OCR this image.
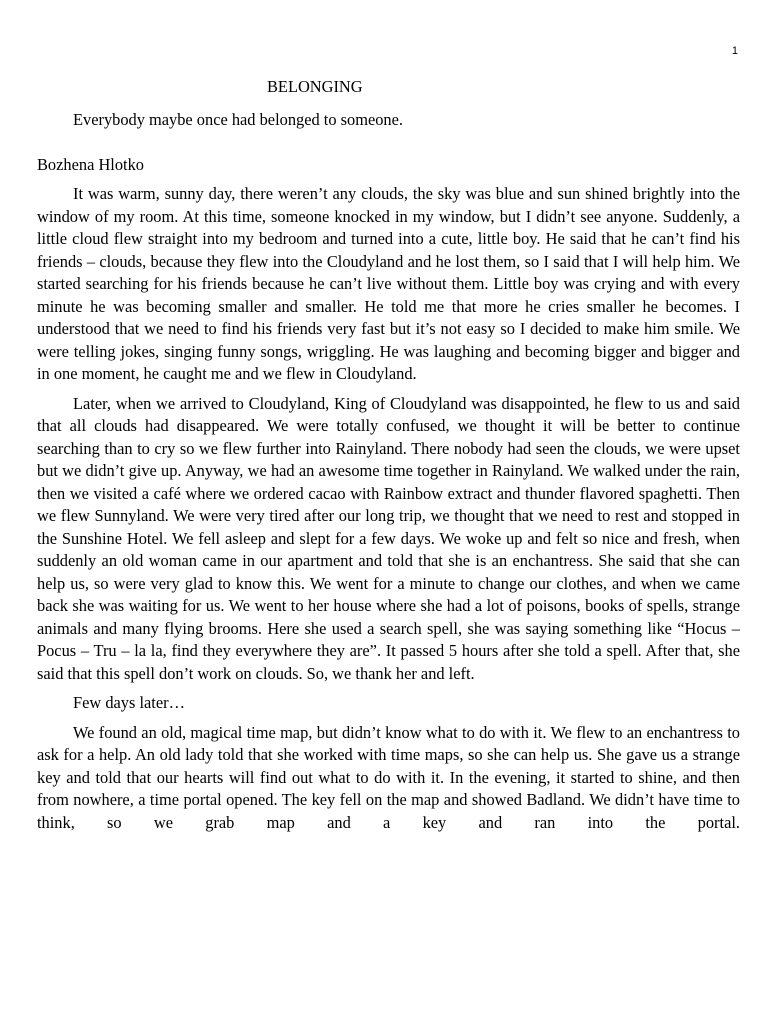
1
BELONGING

Everybody maybe once had belonged to someone.

Bozhena Hlotko

It was warm, sunny day, there weren’t any clouds, the sky was blue and sun shined brightly into the window of my room. At this time, someone knocked in my window, but I didn’t see anyone. Suddenly, a little cloud flew straight into my bedroom and turned into a cute, little boy. He said that he can’t find his friends – clouds, because they flew into the Cloudyland and he lost them, so I said that I will help him. We started searching for his friends because he can’t live without them. Little boy was crying and with every minute he was becoming smaller and smaller. He told me that more he cries smaller he becomes. I understood that we need to find his friends very fast but it’s not easy so I decided to make him smile. We were telling jokes, singing funny songs, wriggling. He was laughing and becoming bigger and bigger and in one moment, he caught me and we flew in Cloudyland.

Later, when we arrived to Cloudyland, King of Cloudyland was disappointed, he flew to us and said that all clouds had disappeared. We were totally confused, we thought it will be better to continue searching than to cry so we flew further into Rainyland. There nobody had seen the clouds, we were upset but we didn’t give up. Anyway, we had an awesome time together in Rainyland. We walked under the rain, then we visited a café where we ordered cacao with Rainbow extract and thunder flavored spaghetti. Then we flew Sunnyland. We were very tired after our long trip, we thought that we need to rest and stopped in the Sunshine Hotel. We fell asleep and slept for a few days. We woke up and felt so nice and fresh, when suddenly an old woman came in our apartment and told that she is an enchantress. She said that she can help us, so were very glad to know this. We went for a minute to change our clothes, and when we came back she was waiting for us. We went to her house where she had a lot of poisons, books of spells, strange animals and many flying brooms. Here she used a search spell, she was saying something like “Hocus – Pocus – Tru – la la, find they everywhere they are”. It passed 5 hours after she told a spell. After that, she said that this spell don’t work on clouds. So, we thank her and left.

Few days later…

We found an old, magical time map, but didn’t know what to do with it. We flew to an enchantress to ask for a help. An old lady told that she worked with time maps, so she can help us. She gave us a strange key and told that our hearts will find out what to do with it. In the evening, it started to shine, and then from nowhere, a time portal opened. The key fell on the map and showed Badland. We didn’t have time to think, so we grab map and a key and ran into the portal.
